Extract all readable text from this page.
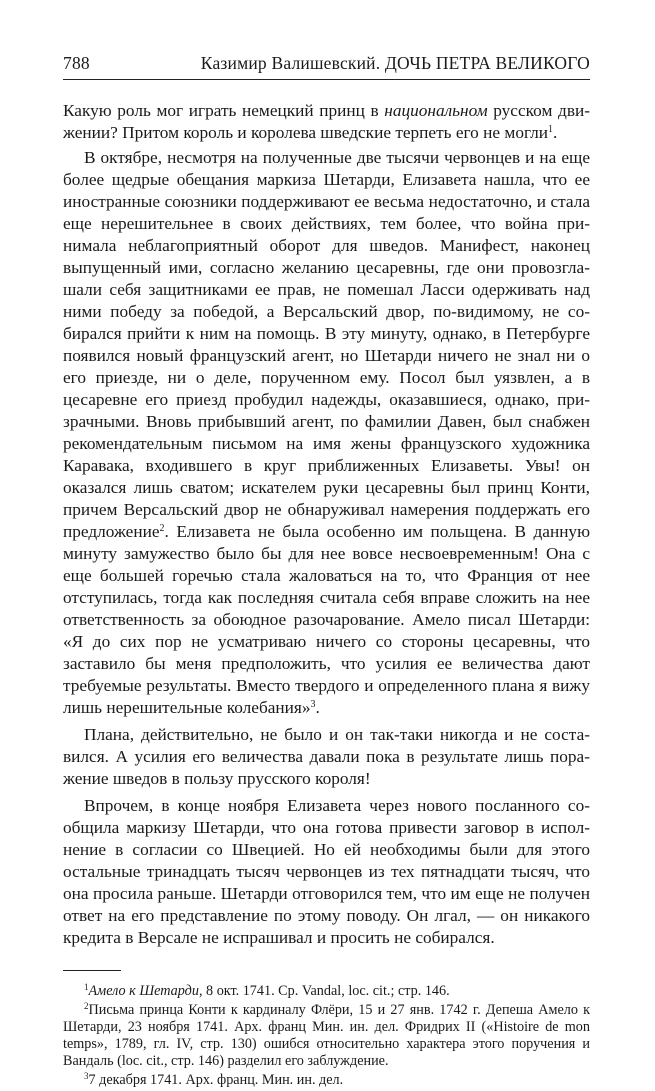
788	Казимир Валишевский. ДОЧЬ ПЕТРА ВЕЛИКОГО

Какую роль мог играть немецкий принц в национальном русском движении? Притом король и королева шведские терпеть его не могли$^1$.

В октябре, несмотря на полученные две тысячи червонцев и на еще более щедрые обещания маркиза Шетарди, Елизавета нашла, что ее иностранные союзники поддерживают ее весьма недостаточно, и стала еще нерешительнее в своих действиях, тем более, что война принимала неблагоприятный оборот для шведов. Манифест, наконец выпущенный ими, согласно желанию цесаревны, где они провозглашали себя защитниками ее прав, не помешал Ласси одерживать над ними победу за победой, а Версальский двор, по-видимому, не собирался прийти к ним на помощь. В эту минуту, однако, в Петербурге появился новый французский агент, но Шетарди ничего не знал ни о его приезде, ни о деле, порученном ему. Посол был уязвлен, а в цесаревне его приезд пробудил надежды, оказавшиеся, однако, призрачными. Вновь прибывший агент, по фамилии Давен, был снабжен рекомендательным письмом на имя жены французского художника Каравака, входившего в круг приближенных Елизаветы. Увы! он оказался лишь сватом; искателем руки цесаревны был принц Конти, причем Версальский двор не обнаруживал намерения поддержать его предложение$^2$. Елизавета не была особенно им польщена. В данную минуту замужество было бы для нее вовсе несвоевременным! Она с еще большей горечью стала жаловаться на то, что Франция от нее отступилась, тогда как последняя считала себя вправе сложить на нее ответственность за обоюдное разочарование. Амело писал Шетарди: «Я до сих пор не усматриваю ничего со стороны цесаревны, что заставило бы меня предположить, что усилия ее величества дают требуемые результаты. Вместо твердого и определенного плана я вижу лишь нерешительные колебания»$^3$.

Плана, действительно, не было и он так-таки никогда и не составился. А усилия его величества давали пока в результате лишь поражение шведов в пользу прусского короля!

Впрочем, в конце ноября Елизавета через нового посланного сообщила маркизу Шетарди, что она готова привести заговор в исполнение в согласии со Швецией. Но ей необходимы были для этого остальные тринадцать тысяч червонцев из тех пятнадцати тысяч, что она просила раньше. Шетарди отговорился тем, что им еще не получен ответ на его представление по этому поводу. Он лгал, — он никакого кредита в Версале не испрашивал и просить не собирался.

$^1$Амело к Шетарди, 8 окт. 1741. Ср. Vandal, loc. cit.; стр. 146.

$^2$Письма принца Конти к кардиналу Флёри, 15 и 27 янв. 1742 г. Депеша Амело к Шетарди, 23 ноября 1741. Арх. франц Мин. ин. дел. Фридрих II («Histoire de mon temps», 1789, гл. IV, стр. 130) ошибся относительно характера этого поручения и Вандаль (loc. cit., стр. 146) разделил его заблуждение.

$^3$7 декабря 1741. Арх. франц. Мин. ин. дел.
